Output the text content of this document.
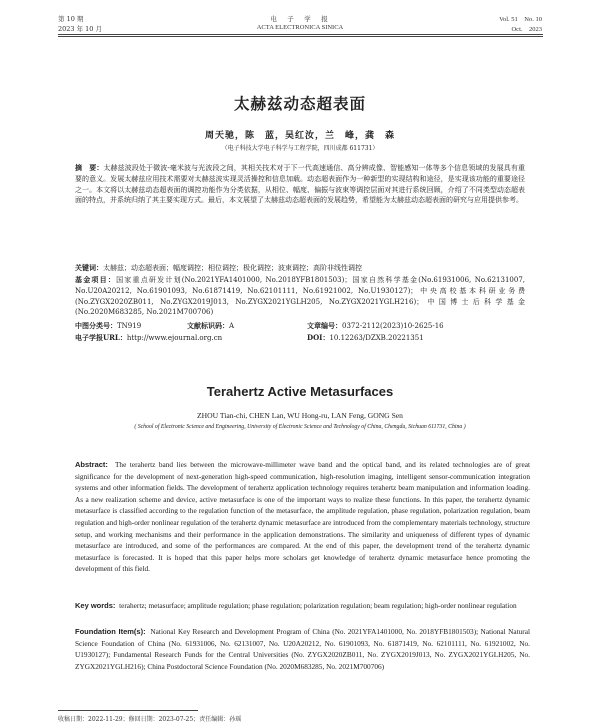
第 10 期
2023 年 10 月
电　子　学　报
ACTA ELECTRONICA SINICA
Vol. 51　No. 10
Oct.　2023
太赫兹动态超表面
周天驰，陈　蓝，吴红汝，兰　峰，龚　森
（电子科技大学电子科学与工程学院，四川成都 611731）
摘　要：太赫兹波段处于微波-毫米波与光波段之间，其相关技术对于下一代高速通信、高分辨成像、智能感知一体等多个信息领域的发展具有重要的意义。发展太赫兹应用技术需要对太赫兹波实现灵活操控和信息加载。动态超表面作为一种新型的实现结构和途径，是实现该功能的重要途径之一。本文将以太赫兹动态超表面的调控功能作为分类依据，从相位、幅度、偏振与波束等调控层面对其进行系统回顾，介绍了不同类型动态超表面的特点，并系统归纳了其主要实现方式。最后，本文展望了太赫兹动态超表面的发展趋势，希望能为太赫兹动态超表面的研究与应用提供参考。
关键词：太赫兹；动态超表面；幅度调控；相位调控；极化调控；波束调控；高阶非线性调控
基金项目：国家重点研发计划(No.2021YFA1401000, No.2018YFB1801503)；国家自然科学基金(No.61931006, No.62131007, No.U20A20212, No.61901093, No.61871419, No.62101111, No.61921002, No.U1930127)；中央高校基本科研业务费(No.ZYGX2020ZB011, No.ZYGX2019J013, No.ZYGX2021YGLH205, No.ZYGX2021YGLH216)；中国博士后科学基金(No.2020M683285, No.2021M700706)
中图分类号：TN919	文献标识码：A	文章编号：0372-2112(2023)10-2625-16
电子学报URL：http://www.ejournal.org.cn	DOI：10.12263/DZXB.20221351
Terahertz Active Metasurfaces
ZHOU Tian-chi, CHEN Lan, WU Hong-ru, LAN Feng, GONG Sen
( School of Electronic Science and Engineering, University of Electronic Science and Technology of China, Chengdu, Sichuan 611731, China )
Abstract: The terahertz band lies between the microwave-millimeter wave band and the optical band, and its related technologies are of great significance for the development of next-generation high-speed communication, high-resolution imaging, intelligent sensor-communication integration systems and other information fields. The development of terahertz application technology requires terahertz beam manipulation and information loading. As a new realization scheme and device, active metasurface is one of the important ways to realize these functions. In this paper, the terahertz dynamic metasurface is classified according to the regulation function of the metasurface, the amplitude regulation, phase regulation, polarization regulation, beam regulation and high-order nonlinear regulation of the terahertz dynamic metasurface are introduced from the complementary materials technology, structure setup, and working mechanisms and their performance in the application demonstrations. The similarity and uniqueness of different types of dynamic metasurface are introduced, and some of the performances are compared. At the end of this paper, the development trend of the terahertz dynamic metasurface is forecasted. It is hoped that this paper helps more scholars get knowledge of terahertz dynamic metasurface hence promoting the development of this field.
Key words: terahertz; metasurface; amplitude regulation; phase regulation; polarization regulation; beam regulation; high-order nonlinear regulation
Foundation Item(s): National Key Research and Development Program of China (No. 2021YFA1401000, No. 2018YFB1801503); National Natural Science Foundation of China (No. 61931006, No. 62131007, No. U20A20212, No. 61901093, No. 61871419, No. 62101111, No. 61921002, No. U1930127); Fundamental Research Funds for the Central Universities (No. ZYGX2020ZB011, No. ZYGX2019J013, No. ZYGX2021YGLH205, No. ZYGX2021YGLH216); China Postdoctoral Science Foundation (No. 2020M683285, No. 2021M700706)
收稿日期：2022-11-29；修回日期：2023-07-25；责任编辑：孙瑶
